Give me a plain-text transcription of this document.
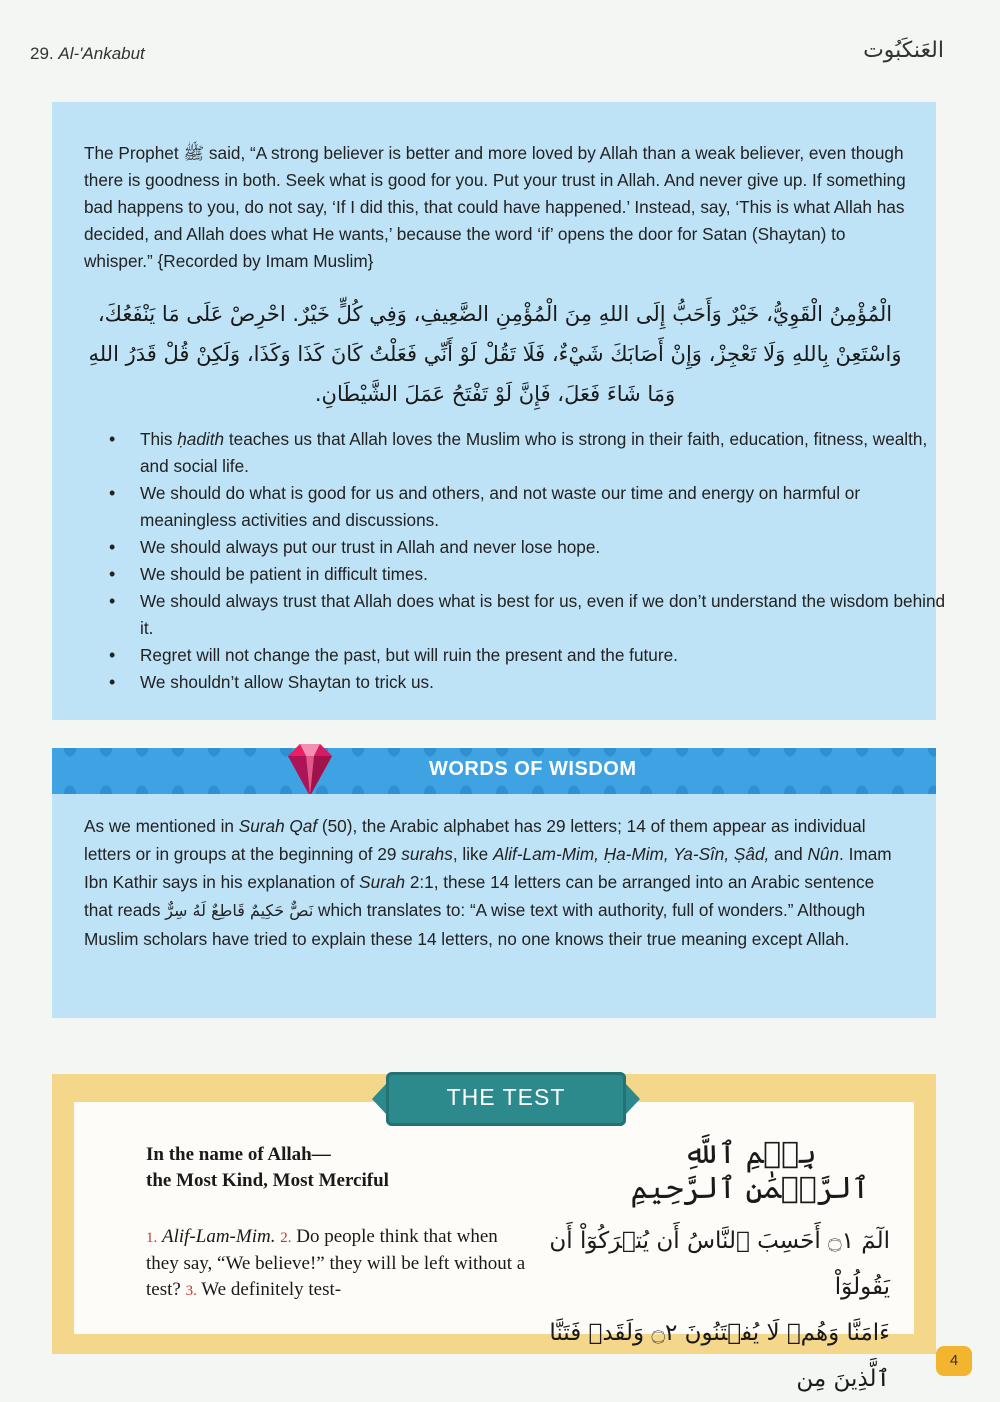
29. Al-'Ankabut	العَنكَبُوت
The Prophet ﷺ said, “A strong believer is better and more loved by Allah than a weak believer, even though there is goodness in both. Seek what is good for you. Put your trust in Allah. And never give up. If something bad happens to you, do not say, ‘If I did this, that could have happened.’ Instead, say, ‘This is what Allah has decided, and Allah does what He wants,’ because the word ‘if’ opens the door for Satan (Shaytan) to whisper.” {Recorded by Imam Muslim}
الْمُؤْمِنُ الْقَوِيُّ، خَيْرٌ وَأَحَبُّ إِلَى اللهِ مِنَ الْمُؤْمِنِ الضَّعِيفِ، وَفِي كُلٍّ خَيْرٌ. احْرِصْ عَلَى مَا يَنْفَعُكَ، وَاسْتَعِنْ بِاللهِ وَلَا تَعْجِزْ، وَإِنْ أَصَابَكَ شَيْءٌ، فَلَا تَقُلْ لَوْ أَنِّي فَعَلْتُ كَانَ كَذَا وَكَذَا، وَلَكِنْ قُلْ قَدَرُ اللهِ وَمَا شَاءَ فَعَلَ، فَإِنَّ لَوْ تَفْتَحُ عَمَلَ الشَّيْطَانِ.
• This ḥadith teaches us that Allah loves the Muslim who is strong in their faith, education, fitness, wealth, and social life.
• We should do what is good for us and others, and not waste our time and energy on harmful or meaningless activities and discussions.
• We should always put our trust in Allah and never lose hope.
• We should be patient in difficult times.
• We should always trust that Allah does what is best for us, even if we don’t understand the wisdom behind it.
• Regret will not change the past, but will ruin the present and the future.
• We shouldn’t allow Shaytan to trick us.
WORDS OF WISDOM
As we mentioned in Surah Qaf (50), the Arabic alphabet has 29 letters; 14 of them appear as individual letters or in groups at the beginning of 29 surahs, like Alif-Lam-Mim, Ḥa-Mim, Ya-Sîn, Ṣâd, and Nûn. Imam Ibn Kathir says in his explanation of Surah 2:1, these 14 letters can be arranged into an Arabic sentence that reads نَصٌّ حَكِيمٌ قَاطِعٌ لَهُ سِرٌّ which translates to: “A wise text with authority, full of wonders.” Although Muslim scholars have tried to explain these 14 letters, no one knows their true meaning except Allah.
THE TEST
In the name of Allah—
the Most Kind, Most Merciful
بِسۡمِ ٱللَّهِ ٱلرَّحۡمَٰنِ ٱلرَّحِيمِ
1. Alif-Lam-Mim. 2. Do people think that when they say, “We believe!” they will be left without a test? 3. We definitely test-
الٓمٓ ۝١ أَحَسِبَ ٱلنَّاسُ أَن يُتۡرَكُوٓاْ أَن يَقُولُوٓاْ
ءَامَنَّا وَهُمۡ لَا يُفۡتَنُونَ ۝٢ وَلَقَدۡ فَتَنَّا ٱلَّذِينَ مِن
4
